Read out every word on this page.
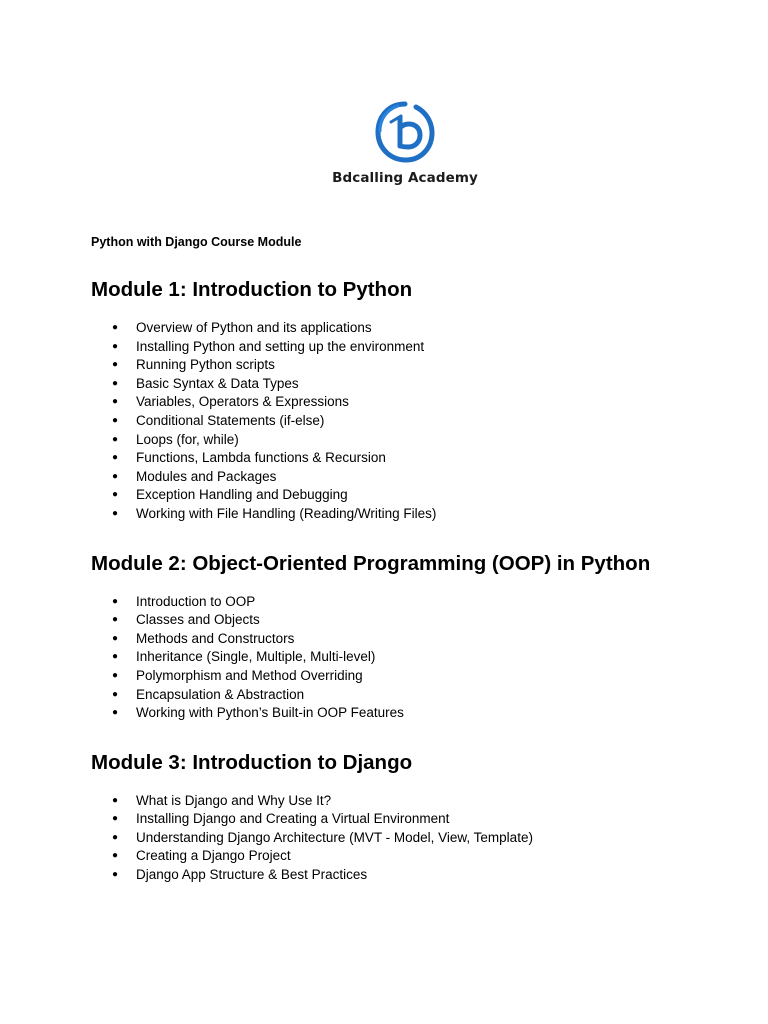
Bdcalling Academy

Python with Django Course Module

Module 1: Introduction to Python
● Overview of Python and its applications
● Installing Python and setting up the environment
● Running Python scripts
● Basic Syntax & Data Types
● Variables, Operators & Expressions
● Conditional Statements (if-else)
● Loops (for, while)
● Functions, Lambda functions & Recursion
● Modules and Packages
● Exception Handling and Debugging
● Working with File Handling (Reading/Writing Files)
Module 2: Object-Oriented Programming (OOP) in Python
● Introduction to OOP
● Classes and Objects
● Methods and Constructors
● Inheritance (Single, Multiple, Multi-level)
● Polymorphism and Method Overriding
● Encapsulation & Abstraction
● Working with Python’s Built-in OOP Features
Module 3: Introduction to Django
● What is Django and Why Use It?
● Installing Django and Creating a Virtual Environment
● Understanding Django Architecture (MVT - Model, View, Template)
● Creating a Django Project
● Django App Structure & Best Practices
